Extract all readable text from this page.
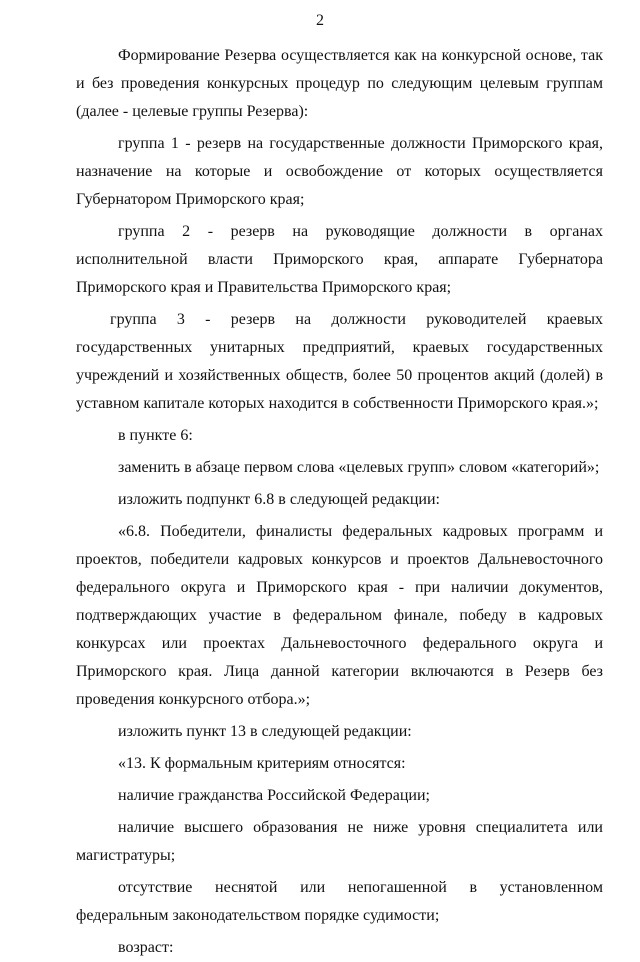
2

Формирование Резерва осуществляется как на конкурсной основе, так и без проведения конкурсных процедур по следующим целевым группам (далее - целевые группы Резерва):

группа 1 - резерв на государственные должности Приморского края, назначение на которые и освобождение от которых осуществляется Губернатором Приморского края;

группа 2 - резерв на руководящие должности в органах исполнительной власти Приморского края, аппарате Губернатора Приморского края и Правительства Приморского края;

группа 3 - резерв на должности руководителей краевых государственных унитарных предприятий, краевых государственных учреждений и хозяйственных обществ, более 50 процентов акций (долей) в уставном капитале которых находится в собственности Приморского края.»;

в пункте 6:

заменить в абзаце первом слова «целевых групп» словом «категорий»;

изложить подпункт 6.8 в следующей редакции:

«6.8. Победители, финалисты федеральных кадровых программ и проектов, победители кадровых конкурсов и проектов Дальневосточного федерального округа и Приморского края - при наличии документов, подтверждающих участие в федеральном финале, победу в кадровых конкурсах или проектах Дальневосточного федерального округа и Приморского края. Лица данной категории включаются в Резерв без проведения конкурсного отбора.»;

изложить пункт 13 в следующей редакции:

«13. К формальным критериям относятся:

наличие гражданства Российской Федерации;

наличие высшего образования не ниже уровня специалитета или магистратуры;

отсутствие неснятой или непогашенной в установленном федеральным законодательством порядке судимости;

возраст:
